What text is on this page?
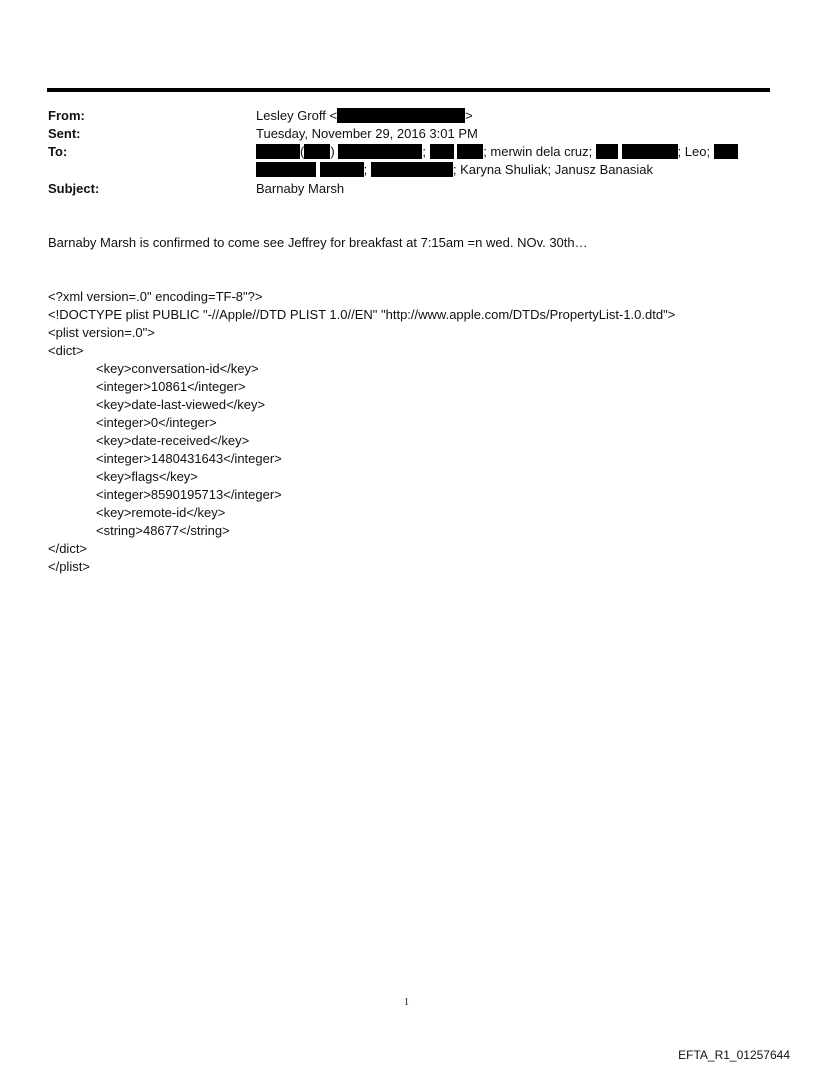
From:	Lesley Groff <	>
Sent:	Tuesday, November 29, 2016 3:01 PM
To:	( )	;	; merwin dela cruz;	; Leo;
;	; Karyna Shuliak; Janusz Banasiak
Subject:	Barnaby Marsh
Barnaby Marsh is confirmed to come see Jeffrey for breakfast at 7:15am =n wed. NOv. 30th…
<?xml version=.0" encoding=TF-8"?>
<!DOCTYPE plist PUBLIC "-//Apple//DTD PLIST 1.0//EN" "http://www.apple.com/DTDs/PropertyList-1.0.dtd">
<plist version=.0">
<dict>
<key>conversation-id</key>
<integer>10861</integer>
<key>date-last-viewed</key>
<integer>0</integer>
<key>date-received</key>
<integer>1480431643</integer>
<key>flags</key>
<integer>8590195713</integer>
<key>remote-id</key>
<string>48677</string>
</dict>
</plist>
1
EFTA_R1_01257644
